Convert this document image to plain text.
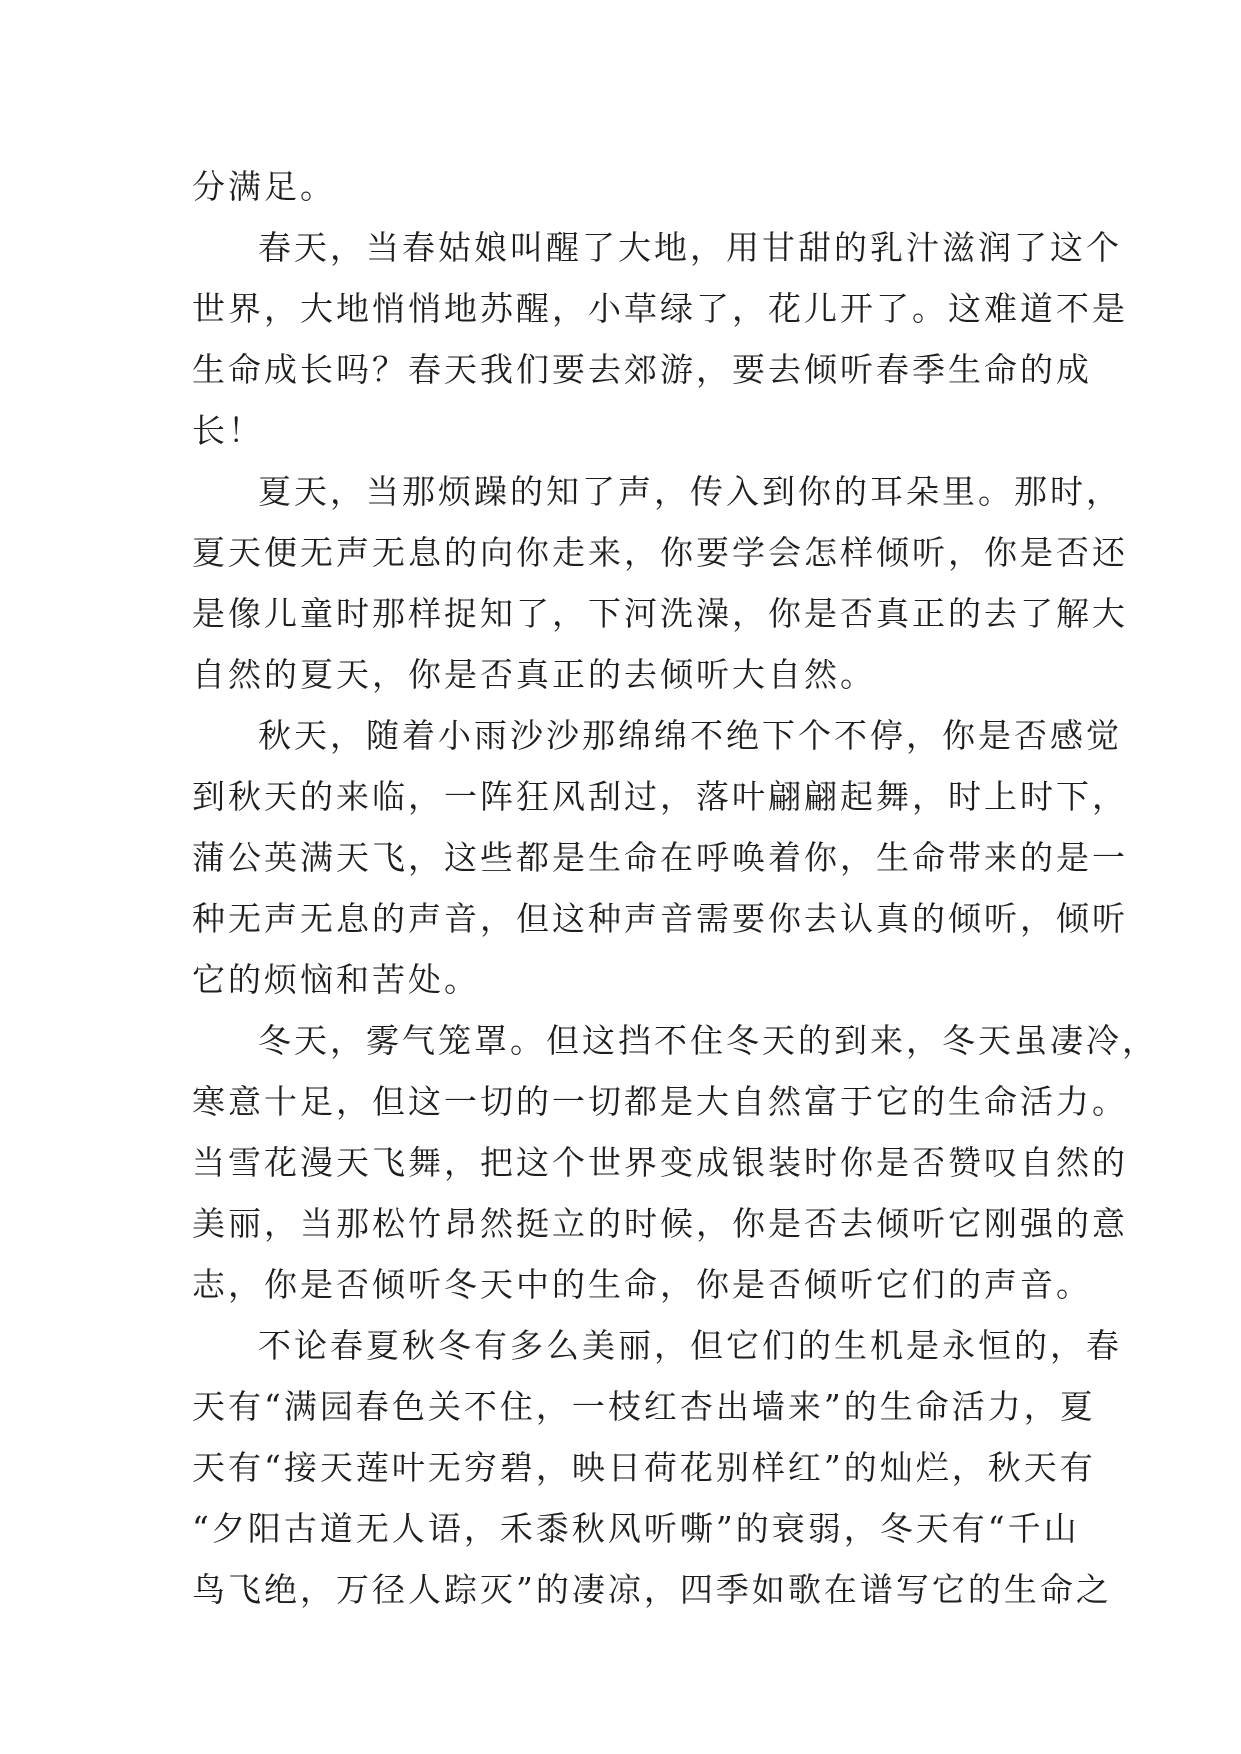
分满足。
春天，当春姑娘叫醒了大地，用甘甜的乳汁滋润了这个
世界，大地悄悄地苏醒，小草绿了，花儿开了。这难道不是
生命成长吗？春天我们要去郊游，要去倾听春季生命的成
长！
夏天，当那烦躁的知了声，传入到你的耳朵里。那时，
夏天便无声无息的向你走来，你要学会怎样倾听，你是否还
是像儿童时那样捉知了，下河洗澡，你是否真正的去了解大
自然的夏天，你是否真正的去倾听大自然。
秋天，随着小雨沙沙那绵绵不绝下个不停，你是否感觉
到秋天的来临，一阵狂风刮过，落叶翩翩起舞，时上时下，
蒲公英满天飞，这些都是生命在呼唤着你，生命带来的是一
种无声无息的声音，但这种声音需要你去认真的倾听，倾听
它的烦恼和苦处。
冬天，雾气笼罩。但这挡不住冬天的到来，冬天虽凄冷，
寒意十足，但这一切的一切都是大自然富于它的生命活力。
当雪花漫天飞舞，把这个世界变成银装时你是否赞叹自然的
美丽，当那松竹昂然挺立的时候，你是否去倾听它刚强的意
志，你是否倾听冬天中的生命，你是否倾听它们的声音。
不论春夏秋冬有多么美丽，但它们的生机是永恒的，春
天有“满园春色关不住，一枝红杏出墙来”的生命活力，夏
天有“接天莲叶无穷碧，映日荷花别样红”的灿烂，秋天有
“夕阳古道无人语，禾黍秋风听嘶”的衰弱，冬天有“千山
鸟飞绝，万径人踪灭”的凄凉，四季如歌在谱写它的生命之
